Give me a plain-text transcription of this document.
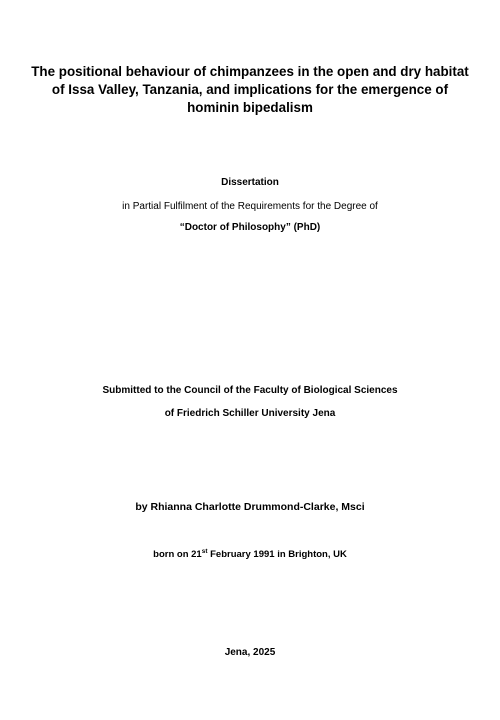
The positional behaviour of chimpanzees in the open and dry habitat of Issa Valley, Tanzania, and implications for the emergence of hominin bipedalism
Dissertation
in Partial Fulfilment of the Requirements for the Degree of
“Doctor of Philosophy” (PhD)
Submitted to the Council of the Faculty of Biological Sciences
of Friedrich Schiller University Jena
by Rhianna Charlotte Drummond-Clarke, Msci
born on 21st February 1991 in Brighton, UK
Jena, 2025
